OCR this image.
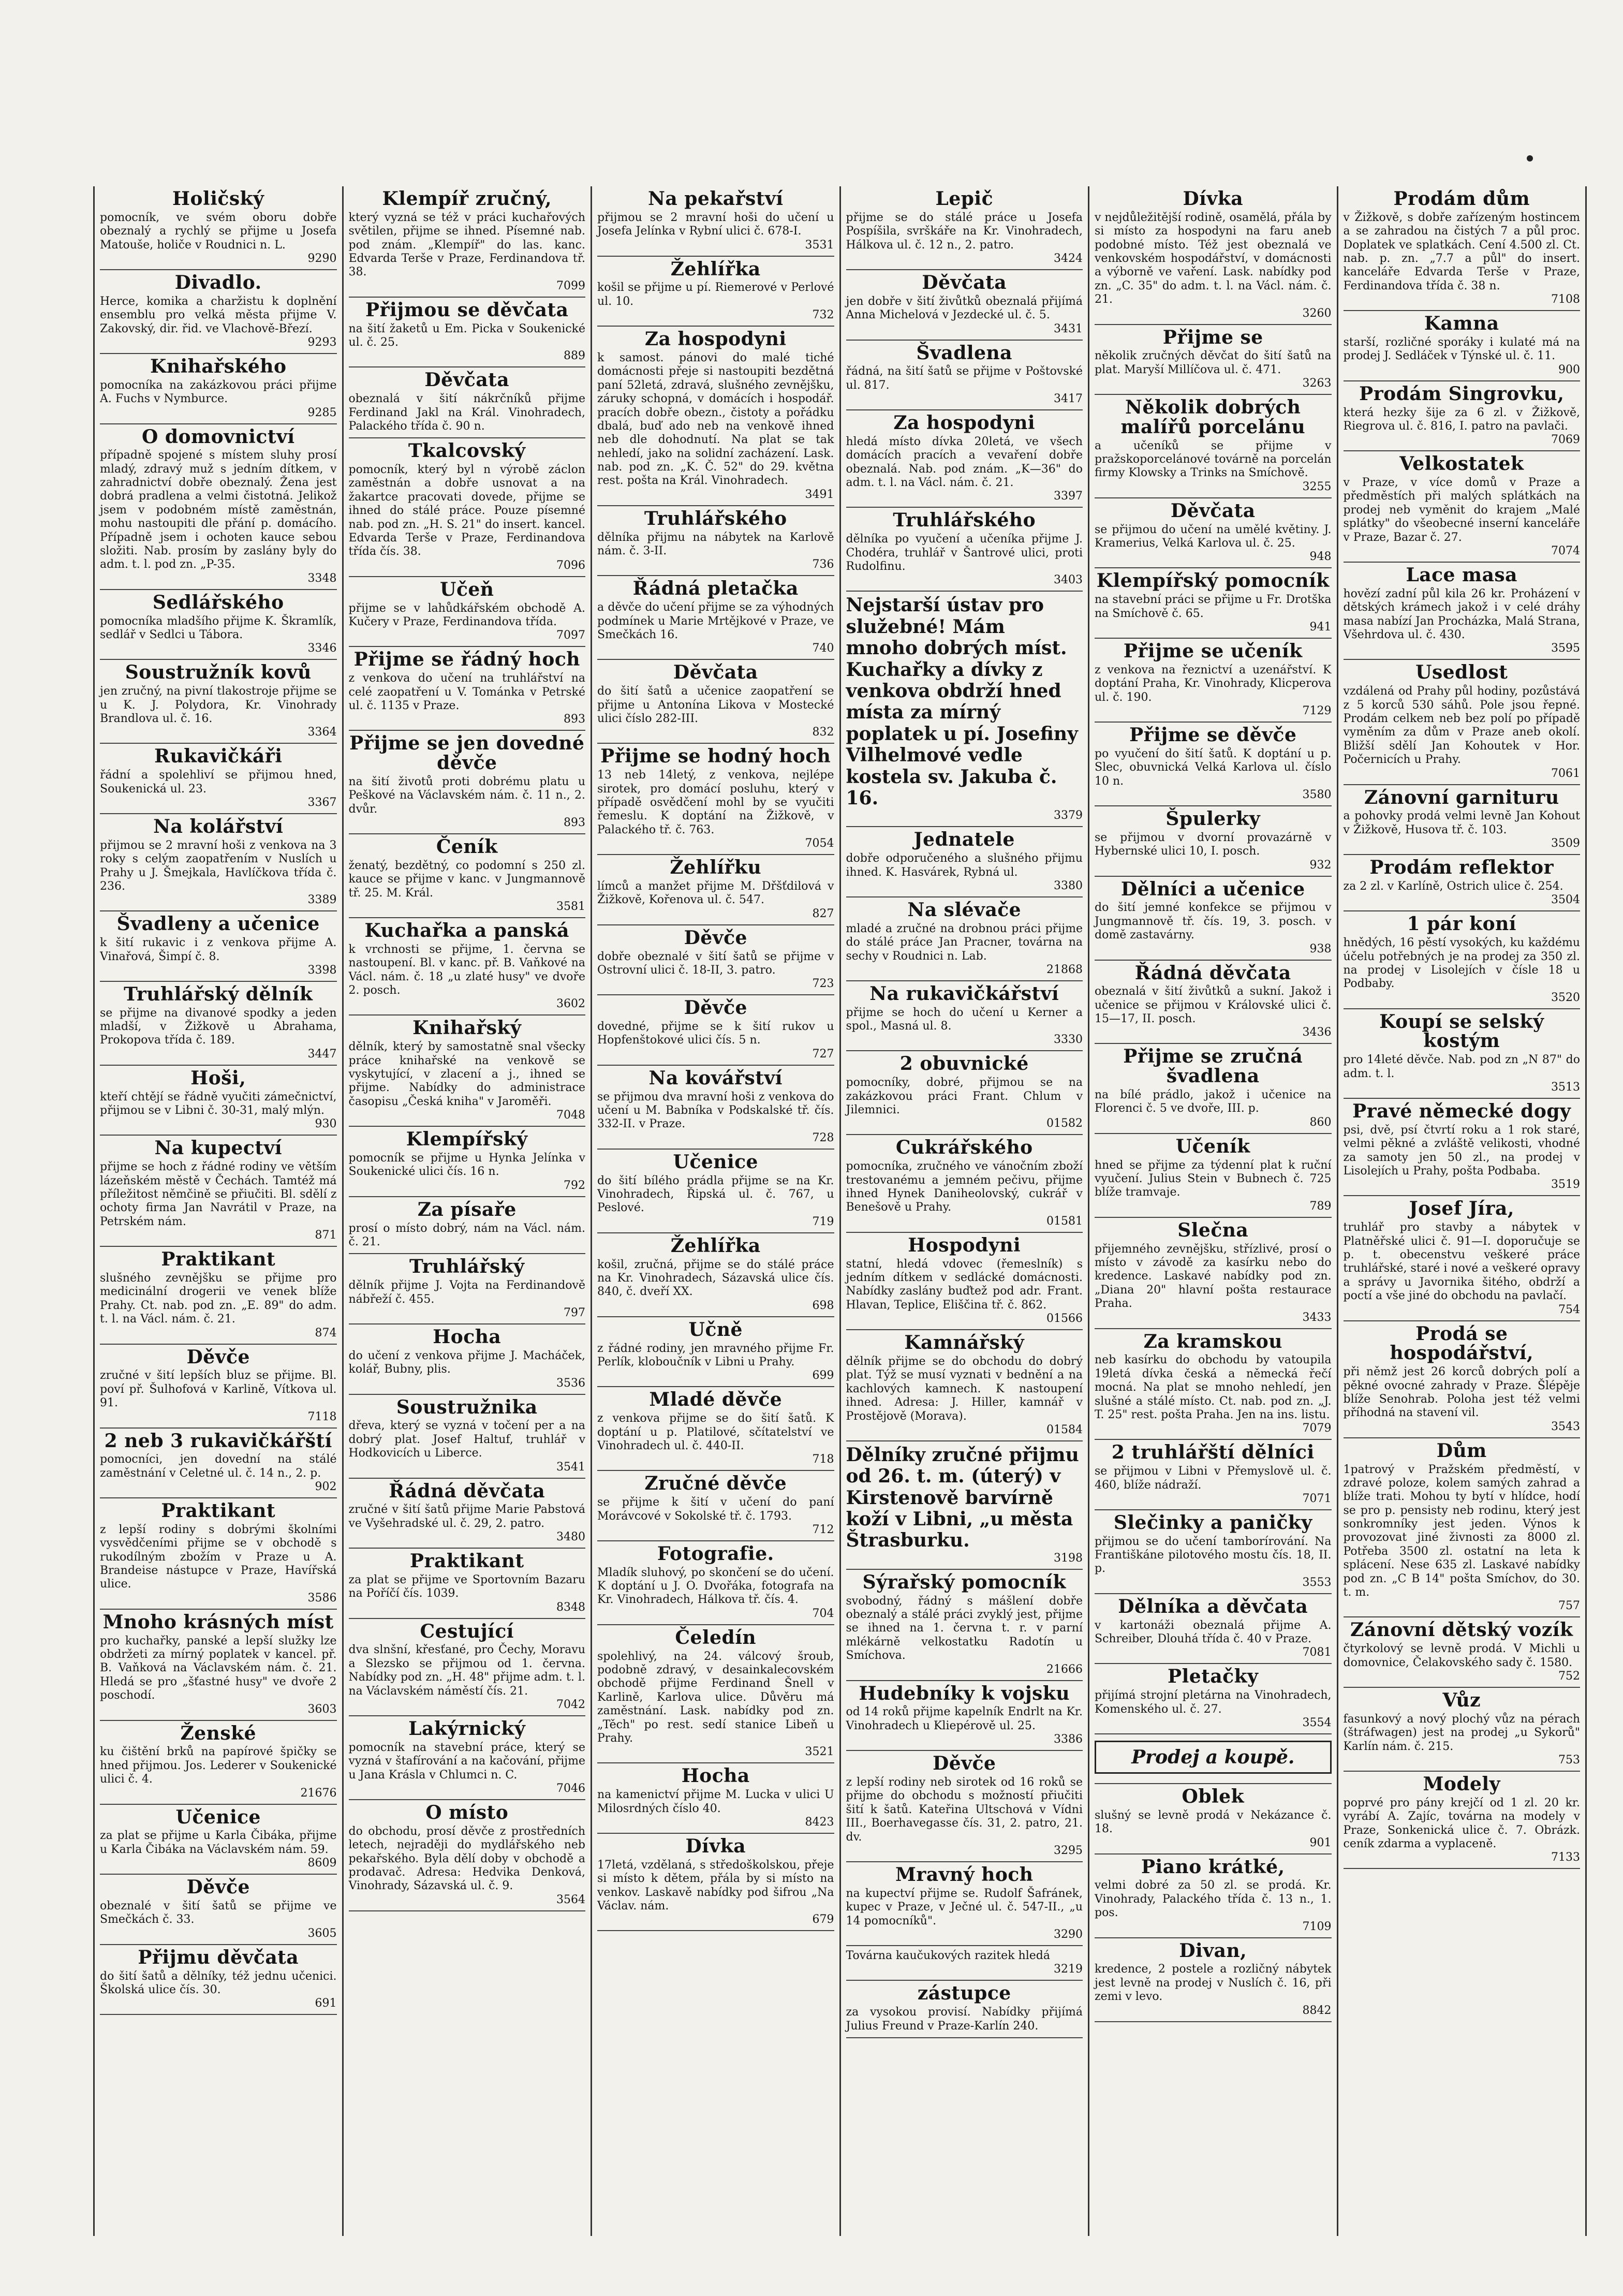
Holičský

pomocník, ve svém oboru dobře obeznalý a rychlý se přijme u Josefa Matouše, holiče v Roudnici n. L.

9290
Divadlo.

Herce, komika a charžistu k doplnění ensemblu pro velká města přijme V. Zakovský, dir. řid. ve Vlachově-Březí.

9293
Knihařského

pomocníka na zakázkovou práci přijme A. Fuchs v Nymburce.

9285
O domovnictví

případně spojené s místem sluhy prosí mladý, zdravý muž s jedním dítkem, v zahradnictví dobře obeznalý. Žena jest dobrá pradlena a velmi čistotná. Jelikož jsem v podobném místě zaměstnán, mohu nastoupiti dle přání p. domácího. Případně jsem i ochoten kauce sebou složiti. Nab. prosím by zaslány byly do adm. t. l. pod zn. „P-35.

3348
Sedlářského

pomocníka mladšího přijme K. Škramlík, sedlář v Sedlci u Tábora.

3346
Soustružník kovů

jen zručný, na pivní tlakostroje přijme se u K. J. Polydora, Kr. Vinohrady Brandlova ul. č. 16.

3364
Rukavičkáři

řádní a spolehliví se přijmou hned, Soukenická ul. 23.

3367
Na kolářství

přijmou se 2 mravní hoši z venkova na 3 roky s celým zaopatřením v Nuslích u Prahy u J. Šmejkala, Havlíčkova třída č. 236.

3389
Švadleny a učenice

k šití rukavic i z venkova přijme A. Vinařová, Šimpí č. 8.

3398
Truhlářský dělník

se přijme na divanové spodky a jeden mladší, v Žižkově u Abrahama, Prokopova třída č. 189.

3447
Hoši,

kteří chtějí se řádně vyučiti zámečnictví, přijmou se v Libni č. 30-31, malý mlýn.

930
Na kupectví

přijme se hoch z řádné rodiny ve větším lázeňském městě v Čechách. Tamtéž má příležitost němčině se přiučiti. Bl. sdělí z ochoty firma Jan Navrátil v Praze, na Petrském nám.

871
Praktikant

slušného zevnějšku se přijme pro medicinální drogerii ve venek blíže Prahy. Ct. nab. pod zn. „E. 89" do adm. t. l. na Václ. nám. č. 21.

874
Děvče

zručné v šití lepších bluz se přijme. Bl. poví př. Šulhofová v Karlině, Vítkova ul. 91.

7118
2 neb 3 rukavičkářští

pomocníci, jen dovední na stálé zaměstnání v Celetné ul. č. 14 n., 2. p.

902
Praktikant

z lepší rodiny s dobrými školními vysvědčeními přijme se v obchodě s rukodílným zbožím v Praze u A. Brandeise nástupce v Praze, Havířská ulice.

3586
Mnoho krásných míst

pro kuchařky, panské a lepší služky lze obdržeti za mírný poplatek v kancel. př. B. Vaňková na Václavském nám. č. 21. Hledá se pro „šťastné husy" ve dvoře 2 poschodí.

3603
Ženské

ku čištění brků na papírové špičky se hned přijmou. Jos. Lederer v Soukenické ulici č. 4.

21676
Učenice

za plat se přijme u Karla Čibáka, přijme u Karla Čibáka na Václavském nám. 59.

8609
Děvče

obeznalé v šití šatů se přijme ve Smečkách č. 33.

3605
Přijmu děvčata

do šití šatů a dělníky, též jednu učenici. Školská ulice čís. 30.

691
Klempíř zručný,

který vyzná se též v práci kuchařových světilen, přijme se ihned. Písemné nab. pod znám. „Klempíř" do las. kanc. Edvarda Terše v Praze, Ferdinandova tř. 38.

7099
Přijmou se děvčata

na šití žaketů u Em. Picka v Soukenické ul. č. 25.

889
Děvčata

obeznalá v šití nákrčníků přijme Ferdinand Jakl na Král. Vinohradech, Palackého třída č. 90 n.

Tkalcovský

pomocník, který byl n výrobě záclon zaměstnán a dobře usnovat a na žakartce pracovati dovede, přijme se ihned do stálé práce. Pouze písemné nab. pod zn. „H. S. 21" do insert. kancel. Edvarda Terše v Praze, Ferdinandova třída čís. 38.

7096
Učeň

přijme se v lahůdkářském obchodě A. Kučery v Praze, Ferdinandova třída.

7097
Přijme se řádný hoch

z venkova do učení na truhlářství na celé zaopatření u V. Tománka v Petrské ul. č. 1135 v Praze.

893
Přijme se jen dovedné děvče

na šití životů proti dobrému platu u Peškové na Václavském nám. č. 11 n., 2. dvůr.

893
Čeník

ženatý, bezdětný, co podomní s 250 zl. kauce se přijme v kanc. v Jungmannově tř. 25. M. Král.

3581
Kuchařka a panská

k vrchnosti se přijme, 1. června se nastoupení. Bl. v kanc. př. B. Vaňkové na Václ. nám. č. 18 „u zlaté husy" ve dvoře 2. posch.

3602
Knihařský

dělník, který by samostatně snal všecky práce knihařské na venkově se vyskytující, v zlacení a j., ihned se přijme. Nabídky do administrace časopisu „Česká kniha" v Jaroměři.

7048
Klempířský

pomocník se přijme u Hynka Jelínka v Soukenické ulici čís. 16 n.

792
Za písaře

prosí o místo dobrý, nám na Václ. nám. č. 21.

Truhlářský

dělník přijme J. Vojta na Ferdinandově nábřeží č. 455.

797
Hocha

do učení z venkova přijme J. Macháček, kolář, Bubny, plis.

3536
Soustružnika

dřeva, který se vyzná v točení per a na dobrý plat. Josef Haltuf, truhlář v Hodkovicích u Liberce.

3541
Řádná děvčata

zručné v šití šatů přijme Marie Pabstová ve Vyšehradské ul. č. 29, 2. patro.

3480
Praktikant

za plat se přijme ve Sportovním Bazaru na Poříčí čís. 1039.

8348
Cestující

dva slnšní, křesťané, pro Čechy, Moravu a Slezsko se přijmou od 1. června. Nabídky pod zn. „H. 48" přijme adm. t. l. na Václavském náměstí čís. 21.

7042
Lakýrnický

pomocník na stavební práce, který se vyzná v štafírování a na kačování, přijme u Jana Krásla v Chlumci n. C.

7046
O místo

do obchodu, prosí děvče z prostředních letech, nejraději do mydlářského neb pekařského. Byla dělí doby v obchodě a prodavač. Adresa: Hedvika Denková, Vinohrady, Sázavská ul. č. 9.

3564
Na pekařství

přijmou se 2 mravní hoši do učení u Josefa Jelínka v Rybní ulici č. 678-I.

3531
Žehlířka

košil se přijme u pí. Riemerové v Perlové ul. 10.

732
Za hospodyni

k samost. pánovi do malé tiché domácnosti přeje si nastoupiti bezdětná paní 52letá, zdravá, slušného zevnějšku, záruky schopná, v domácích i hospodář. pracích dobře obezn., čistoty a pořádku dbalá, buď ado neb na venkově ihned neb dle dohodnutí. Na plat se tak nehledí, jako na solidní zacházení. Lask. nab. pod zn. „K. Č. 52" do 29. května rest. pošta na Král. Vinohradech.

3491
Truhlářského

dělníka přijmu na nábytek na Karlově nám. č. 3-II.

736
Řádná pletačka

a děvče do učení přijme se za výhodných podmínek u Marie Mrtějkové v Praze, ve Smečkách 16.

740
Děvčata

do šití šatů a učenice zaopatření se přijme u Antonína Likova v Mostecké ulici číslo 282-III.

832
Přijme se hodný hoch

13 neb 14letý, z venkova, nejlépe sirotek, pro domácí posluhu, který v případě osvědčení mohl by se vyučiti řemeslu. K doptání na Žižkově, v Palackého tř. č. 763.

7054
Žehlířku

límců a manžet přijme M. Dřšťdilová v Žižkově, Kořenova ul. č. 547.

827
Děvče

dobře obeznalé v šití šatů se přijme v Ostrovní ulici č. 18-II, 3. patro.

723
Děvče

dovedné, přijme se k šití rukov u Hopfenštokové ulici čís. 5 n.

727
Na kovářství

se přijmou dva mravní hoši z venkova do učení u M. Babníka v Podskalské tř. čís. 332-II. v Praze.

728
Učenice

do šití bílého prádla přijme se na Kr. Vinohradech, Řipská ul. č. 767, u Peslové.

719
Žehlířka

košil, zručná, přijme se do stálé práce na Kr. Vinohradech, Sázavská ulice čís. 840, č. dveří XX.

698
Učně

z řádné rodiny, jen mravného přijme Fr. Perlík, kloboučník v Libni u Prahy.

699
Mladé děvče

z venkova přijme se do šití šatů. K doptání u p. Platilové, sčítatelství ve Vinohradech ul. č. 440-II.

718
Zručné děvče

se přijme k šití v učení do paní Morávcové v Sokolské tř. č. 1793.

712
Fotografie.

Mladík sluhový, po skončení se do učení. K doptání u J. O. Dvořáka, fotografa na Kr. Vinohradech, Hálkova tř. čís. 4.

704
Čeledín

spolehlivý, na 24. válcový šroub, podobně zdravý, v desainkalecovském obchodě přijme Ferdinand Šnell v Karlině, Karlova ulice. Důvěru má zaměstnání. Lask. nabídky pod zn. „Těch" po rest. sedí stanice Libeň u Prahy.

3521
Hocha

na kamenictví přijme M. Lucka v ulici U Milosrdných číslo 40.

8423
Dívka

17letá, vzdělaná, s středoškolskou, přeje si místo k dětem, přála by si místo na venkov. Laskavě nabídky pod šifrou „Na Václav. nám.

679
Lepič

přijme se do stálé práce u Josefa Pospíšila, svrškáře na Kr. Vinohradech, Hálkova ul. č. 12 n., 2. patro.

3424
Děvčata

jen dobře v šití živůtků obeznalá přijímá Anna Michelová v Jezdecké ul. č. 5.

3431
Švadlena

řádná, na šití šatů se přijme v Poštovské ul. 817.

3417
Za hospodyni

hledá místo dívka 20letá, ve všech domácích pracích a vevaření dobře obeznalá. Nab. pod znám. „K—36" do adm. t. l. na Václ. nám. č. 21.

3397
Truhlářského

dělníka po vyučení a učeníka přijme J. Chodéra, truhlář v Šantrové ulici, proti Rudolfinu.

3403

Nejstarší ústav pro služebné! Mám mnoho dobrých míst. Kuchařky a dívky z venkova obdrží hned místa za mírný poplatek u pí. Josefiny Vilhelmové vedle kostela sv. Jakuba č. 16.

3379
Jednatele

dobře odporučeného a slušného přijmu ihned. K. Hasvárek, Rybná ul.

3380
Na slévače

mladé a zručné na drobnou práci přijme do stálé práce Jan Pracner, továrna na sechy v Roudnici n. Lab.

21868
Na rukavičkářství

přijme se hoch do učení u Kerner a spol., Masná ul. 8.

3330
2 obuvnické

pomocníky, dobré, přijmou se na zakázkovou práci Frant. Chlum v Jilemnici.

01582
Cukrářského

pomocníka, zručného ve vánočním zboží trestovanému a jemném pečivu, přijme ihned Hynek Daniheolovský, cukrář v Benešově u Prahy.

01581
Hospodyni

statní, hledá vdovec (řemeslník) s jedním dítkem v sedlácké domácnosti. Nabídky zaslány buďtež pod adr. Frant. Hlavan, Teplice, Eliščina tř. č. 862.

01566
Kamnářský

dělník přijme se do obchodu do dobrý plat. Týž se musí vyznati v bednění a na kachlových kamnech. K nastoupení ihned. Adresa: J. Hiller, kamnář v Prostějově (Morava).

01584

Dělníky zručné přijmu od 26. t. m. (úterý) v Kirstenově barvírně koží v Libni, „u města Štrasburku.

3198
Sýrařský pomocník

svobodný, řádný s mášlení dobře obeznalý a stálé práci zvyklý jest, přijme se ihned na 1. června t. r. v parní mlékárně velkostatku Radotín u Smíchova.

21666
Hudebníky k vojsku

od 14 roků přijme kapelník Endrlt na Kr. Vinohradech u Kliepérově ul. 25.

3386
Děvče

z lepší rodiny neb sirotek od 16 roků se přijme do obchodu s možností přiučiti šití k šatů. Kateřina Ultschová v Vídni III., Boerhavegasse čís. 31, 2. patro, 21. dv.

3295
Mravný hoch

na kupectví přijme se. Rudolf Šafránek, kupec v Praze, v Ječné ul. č. 547-II., „u 14 pomocníků".

3290

Továrna kaučukových razitek hledá

3219
zástupce

za vysokou provisí. Nabídky přijímá Julius Freund v Praze-Karlín 240.

Dívka

v nejdůležitější rodině, osamělá, přála by si místo za hospodyni na faru aneb podobné místo. Též jest obeznalá ve venkovském hospodářství, v domácnosti a výborně ve vaření. Lask. nabídky pod zn. „C. 35" do adm. t. l. na Václ. nám. č. 21.

3260
Přijme se

několik zručných děvčat do šití šatů na plat. Maryší Millíčova ul. č. 471.

3263
Několik dobrých malířů porcelánu

a učeníků se přijme v pražskoporcelánové továrně na porcelán firmy Klowsky a Trinks na Smíchově.

3255
Děvčata

se přijmou do učení na umělé květiny. J. Kramerius, Velká Karlova ul. č. 25.

948
Klempířský pomocník

na stavební práci se přijme u Fr. Drotška na Smíchově č. 65.

941
Přijme se učeník

z venkova na řeznictví a uzenářství. K doptání Praha, Kr. Vinohrady, Klicperova ul. č. 190.

7129
Přijme se děvče

po vyučení do šití šatů. K doptání u p. Slec, obuvnická Velká Karlova ul. číslo 10 n.

3580
Špulerky

se přijmou v dvorní provazárně v Hybernské ulici 10, I. posch.

932
Dělníci a učenice

do šití jemné konfekce se přijmou v Jungmannově tř. čís. 19, 3. posch. v domě zastavárny.

938
Řádná děvčata

obeznalá v šití živůtků a sukní. Jakož i učenice se přijmou v Královské ulici č. 15—17, II. posch.

3436
Přijme se zručná švadlena

na bílé prádlo, jakož i učenice na Florenci č. 5 ve dvoře, III. p.

860
Učeník

hned se přijme za týdenní plat k ruční vyučení. Julius Stein v Bubnech č. 725 blíže tramvaje.

789
Slečna

přijemného zevnějšku, střízlivé, prosí o místo v závodě za kasírku nebo do kredence. Laskavé nabídky pod zn. „Diana 20" hlavní pošta restaurace Praha.

3433
Za kramskou

neb kasírku do obchodu by vatoupila 19letá dívka česká a německá řečí mocná. Na plat se mnoho nehledí, jen slušné a stálé místo. Ct. nab. pod zn. „J. T. 25" rest. pošta Praha. Jen na ins. listu.

7079
2 truhlářští dělníci

se přijmou v Libni v Přemyslově ul. č. 460, blíže nádraží.

7071
Slečinky a paničky

přijmou se do učení tamborírování. Na Františkáne pilotového mostu čís. 18, II. p.

3553
Dělníka a děvčata

v kartonáži obeznalá přijme A. Schreiber, Dlouhá třída č. 40 v Praze.

7081
Pletačky

přijímá strojní pletárna na Vinohradech, Komenského ul. č. 27.

3554
Prodej a koupě.
Oblek

slušný se levně prodá v Nekázance č. 18.

901
Piano krátké,

velmi dobré za 50 zl. se prodá. Kr. Vinohrady, Palackého třída č. 13 n., 1. pos.

7109
Divan,

kredence, 2 postele a rozličný nábytek jest levně na prodej v Nuslích č. 16, při zemi v levo.

8842
Prodám dům

v Žižkově, s dobře zařízeným hostincem a se zahradou na čistých 7 a půl proc. Doplatek ve splatkách. Cení 4.500 zl. Ct. nab. p. zn. „7.7 a půl" do insert. kanceláře Edvarda Terše v Praze, Ferdinandova třída č. 38 n.

7108
Kamna

starší, rozličné sporáky i kulaté má na prodej J. Sedláček v Týnské ul. č. 11.

900
Prodám Singrovku,

která hezky šije za 6 zl. v Žižkově, Riegrova ul. č. 816, I. patro na pavlači.

7069
Velkostatek

v Praze, v více domů v Praze a předměstích při malých splátkách na prodej neb vyměnit do krajem „Malé splátky" do všeobecné inserní kanceláře v Praze, Bazar č. 27.

7074
Lace masa

hovězí zadní půl kila 26 kr. Proházení v dětských krámech jakož i v celé dráhy masa nabízí Jan Procházka, Malá Strana, Všehrdova ul. č. 430.

3595
Usedlost

vzdálená od Prahy půl hodiny, pozůstává z 5 korců 530 sáhů. Pole jsou řepné. Prodám celkem neb bez polí po případě vyměním za dům v Praze aneb okolí. Bližší sdělí Jan Kohoutek v Hor. Počernicích u Prahy.

7061
Zánovní garnituru

a pohovky prodá velmi levně Jan Kohout v Žižkově, Husova tř. č. 103.

3509
Prodám reflektor

za 2 zl. v Karlíně, Ostrich ulice č. 254.

3504
1 pár koní

hnědých, 16 pěstí vysokých, ku každému účelu potřebných je na prodej za 350 zl. na prodej v Lisolejích v čísle 18 u Podbaby.

3520
Koupí se selský kostým

pro 14leté děvče. Nab. pod zn „N 87" do adm. t. l.

3513
Pravé německé dogy

psi, dvě, psí čtvrtí roku a 1 rok staré, velmi pěkné a zvláště velikosti, vhodné za samoty jen 50 zl., na prodej v Lisolejích u Prahy, pošta Podbaba.

3519
Josef Jíra,

truhlář pro stavby a nábytek v Platněřské ulici č. 91—I. doporučuje se p. t. obecenstvu veškeré práce truhlářské, staré i nové a veškeré opravy a správy u Javornika šitého, obdrží a poctí a vše jiné do obchodu na pavlačí.

754
Prodá se hospodářství,

při němž jest 26 korců dobrých polí a pěkné ovocné zahrady v Praze. Šlépěje blíže Senohrab. Poloha jest též velmi příhodná na stavení vil.

3543
Dům

1patrový v Pražském předměstí, v zdravé poloze, kolem samých zahrad a blíže trati. Mohou ty bytí v hlídce, hodí se pro p. pensisty neb rodinu, který jest sonkromníky jest jeden. Výnos k provozovat jiné živnosti za 8000 zl. Potřeba 3500 zl. ostatní na leta k splácení. Nese 635 zl. Laskavé nabídky pod zn. „C B 14" pošta Smíchov, do 30. t. m.

757
Zánovní dětský vozík

čtyrkolový se levně prodá. V Michli u domovnice, Čelakovského sady č. 1580.

752
Vůz

fasunkový a nový plochý vůz na pérach (štráfwagen) jest na prodej „u Sykorů" Karlín nám. č. 215.

753
Modely

poprvé pro pány krejčí od 1 zl. 20 kr. vyrábí A. Zajíc, továrna na modely v Praze, Sonkenická ulice č. 7. Obrázk. ceník zdarma a vyplaceně.

7133
